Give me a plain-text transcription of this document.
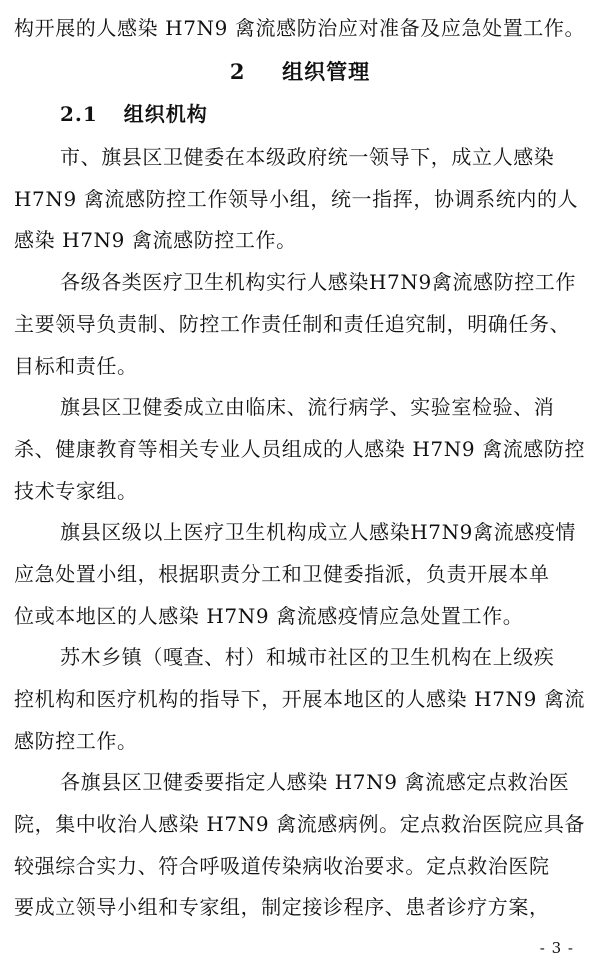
构开展的人感染 H7N9 禽流感防治应对准备及应急处置工作。
2 组织管理
2.1 组织机构
市、旗县区卫健委在本级政府统一领导下，成立人感染
H7N9 禽流感防控工作领导小组，统一指挥，协调系统内的人
感染 H7N9 禽流感防控工作。
各级各类医疗卫生机构实行人感染H7N9禽流感防控工作
主要领导负责制、防控工作责任制和责任追究制，明确任务、
目标和责任。
旗县区卫健委成立由临床、流行病学、实验室检验、消
杀、健康教育等相关专业人员组成的人感染 H7N9 禽流感防控
技术专家组。
旗县区级以上医疗卫生机构成立人感染H7N9禽流感疫情
应急处置小组，根据职责分工和卫健委指派，负责开展本单
位或本地区的人感染 H7N9 禽流感疫情应急处置工作。
苏木乡镇（嘎查、村）和城市社区的卫生机构在上级疾
控机构和医疗机构的指导下，开展本地区的人感染 H7N9 禽流
感防控工作。
各旗县区卫健委要指定人感染 H7N9 禽流感定点救治医
院，集中收治人感染 H7N9 禽流感病例。定点救治医院应具备
较强综合实力、符合呼吸道传染病收治要求。定点救治医院
要成立领导小组和专家组，制定接诊程序、患者诊疗方案，
- 3 -
